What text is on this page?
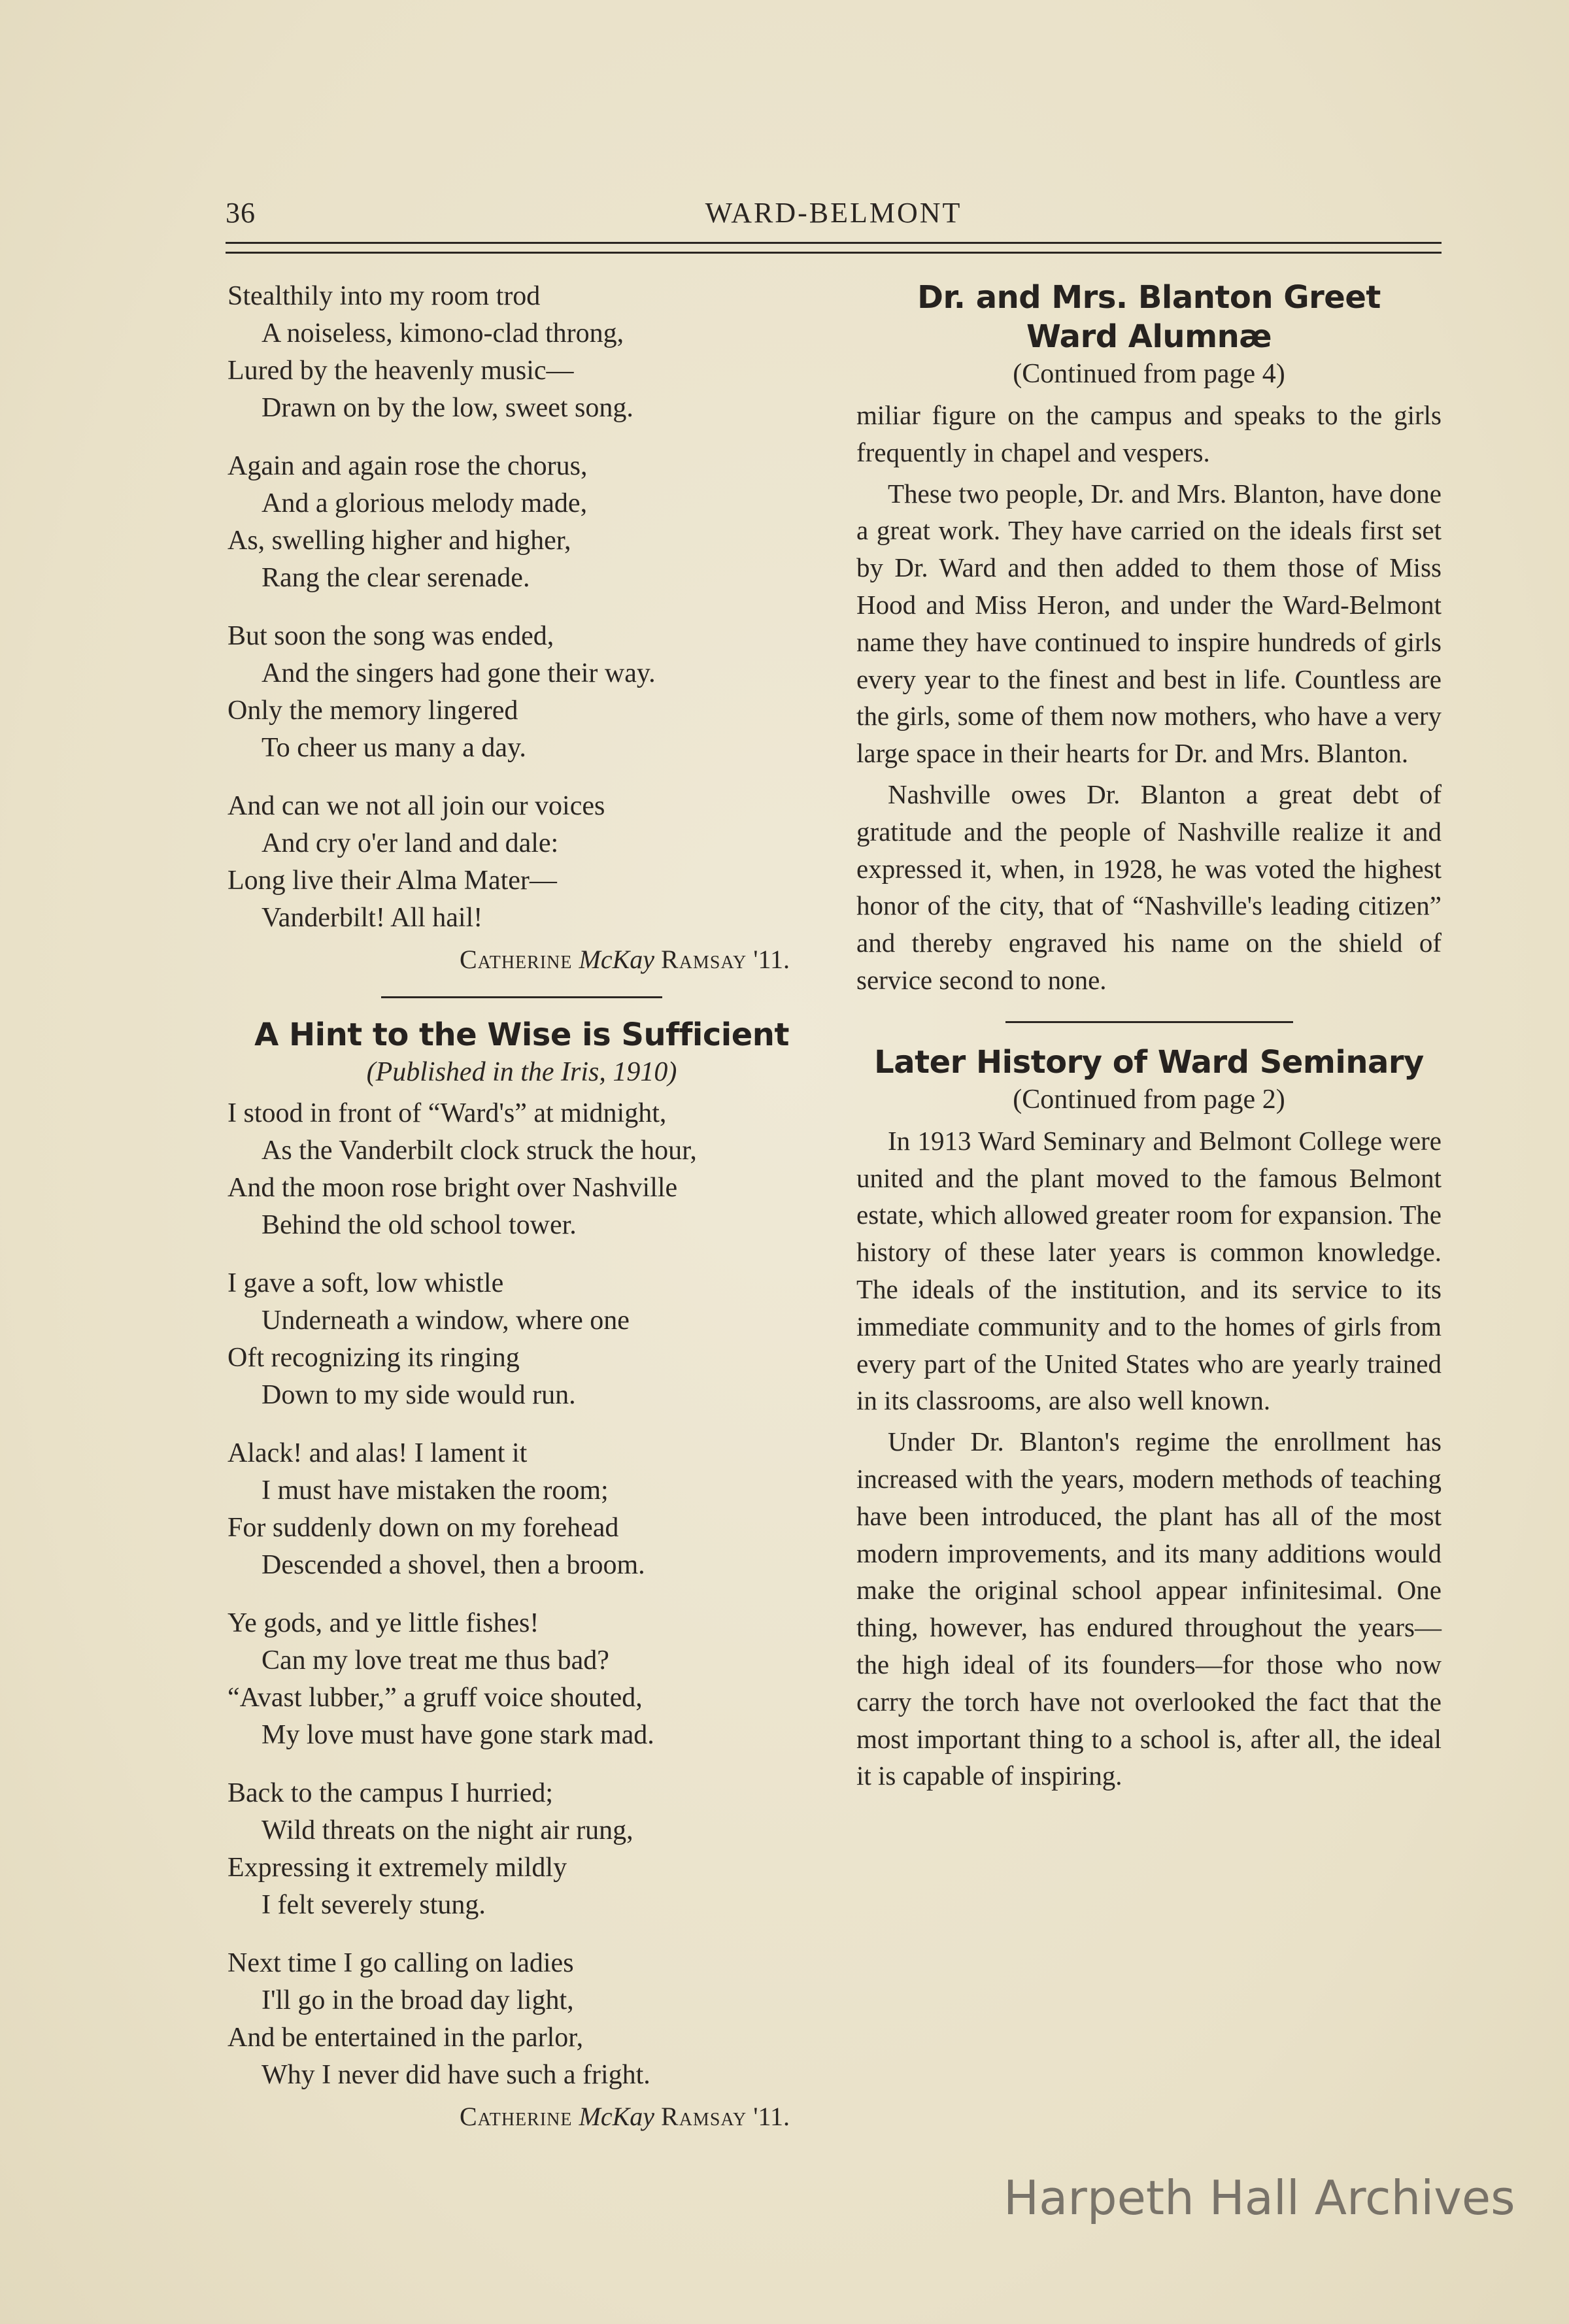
36	WARD-BELMONT
Stealthily into my room trod
A noiseless, kimono-clad throng,
Lured by the heavenly music—
Drawn on by the low, sweet song.
Again and again rose the chorus,
And a glorious melody made,
As, swelling higher and higher,
Rang the clear serenade.
But soon the song was ended,
And the singers had gone their way.
Only the memory lingered
To cheer us many a day.
And can we not all join our voices
And cry o'er land and dale:
Long live their Alma Mater—
Vanderbilt! All hail!
Catherine McKay Ramsay '11.
A Hint to the Wise is Sufficient
(Published in the Iris, 1910)
I stood in front of “Ward's” at midnight,
As the Vanderbilt clock struck the hour,
And the moon rose bright over Nashville
Behind the old school tower.
I gave a soft, low whistle
Underneath a window, where one
Oft recognizing its ringing
Down to my side would run.
Alack! and alas! I lament it
I must have mistaken the room;
For suddenly down on my forehead
Descended a shovel, then a broom.
Ye gods, and ye little fishes!
Can my love treat me thus bad?
“Avast lubber,” a gruff voice shouted,
My love must have gone stark mad.
Back to the campus I hurried;
Wild threats on the night air rung,
Expressing it extremely mildly
I felt severely stung.
Next time I go calling on ladies
I'll go in the broad day light,
And be entertained in the parlor,
Why I never did have such a fright.
Catherine McKay Ramsay '11.
Dr. and Mrs. Blanton Greet
Ward Alumnæ
(Continued from page 4)

miliar figure on the campus and speaks to the girls frequently in chapel and vespers.

These two people, Dr. and Mrs. Blanton, have done a great work. They have carried on the ideals first set by Dr. Ward and then added to them those of Miss Hood and Miss Heron, and under the Ward-Belmont name they have continued to inspire hundreds of girls every year to the finest and best in life. Countless are the girls, some of them now mothers, who have a very large space in their hearts for Dr. and Mrs. Blanton.

Nashville owes Dr. Blanton a great debt of gratitude and the people of Nashville realize it and expressed it, when, in 1928, he was voted the highest honor of the city, that of “Nashville's leading citizen” and thereby engraved his name on the shield of service second to none.

Later History of Ward Seminary
(Continued from page 2)

In 1913 Ward Seminary and Belmont College were united and the plant moved to the famous Belmont estate, which allowed greater room for expansion. The history of these later years is common knowledge. The ideals of the institution, and its service to its immediate community and to the homes of girls from every part of the United States who are yearly trained in its classrooms, are also well known.

Under Dr. Blanton's regime the enrollment has increased with the years, modern methods of teaching have been introduced, the plant has all of the most modern improvements, and its many additions would make the original school appear infinitesimal. One thing, however, has endured throughout the years—the high ideal of its founders—for those who now carry the torch have not overlooked the fact that the most important thing to a school is, after all, the ideal it is capable of inspiring.

Harpeth Hall Archives
